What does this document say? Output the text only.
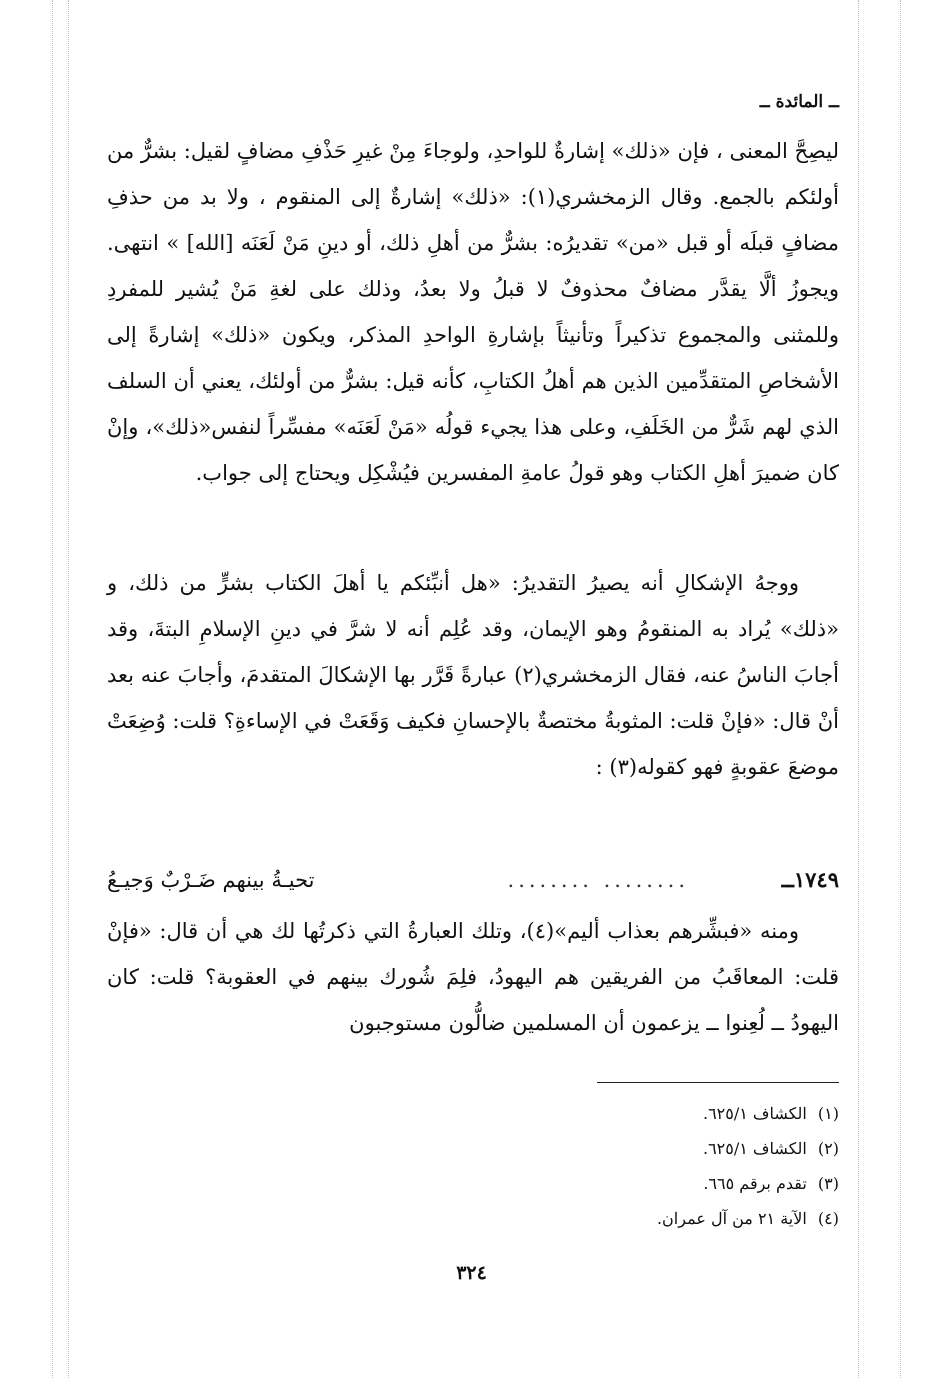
ــ المائدة ــ

ليصِحَّ المعنى ، فإن «ذلك» إشارةٌ للواحدِ، ولوجاءَ مِنْ غيرِ حَذْفِ مضافٍ لقيل: بشرٌّ من أولئكم بالجمع. وقال الزمخشري(١): «ذلك» إشارةٌ إلى المنقوم ، ولا بد من حذفِ مضافٍ قبلَه أو قبل «من» تقديرُه: بشرٌّ من أهلِ ذلك، أو دينِ مَنْ لَعَنَه [الله] » انتهى. ويجوزُ ألَّا يقدَّر مضافٌ محذوفٌ لا قبلُ ولا بعدُ، وذلك على لغةِ مَنْ يُشير للمفردِ وللمثنى والمجموع تذكيراً وتأنيثاً بإشارةِ الواحدِ المذكر، ويكون «ذلك» إشارةً إلى الأشخاصِ المتقدِّمين الذين هم أهلُ الكتابِ، كأنه قيل: بشرٌّ من أولئك، يعني أن السلف الذي لهم شَرٌّ من الخَلَفِ، وعلى هذا يجيء قولُه «مَنْ لَعَنَه» مفسِّراً لنفس«ذلك»، وإنْ كان ضميرَ أهلِ الكتاب وهو قولُ عامةِ المفسرين فيُشْكِل ويحتاج إلى جواب.

ووجهُ الإشكالِ أنه يصيرُ التقديرُ: «هل أنبِّئكم يا أهلَ الكتاب بشرٍّ من ذلك، و «ذلك» يُراد به المنقومُ وهو الإيمان، وقد عُلِم أنه لا شرَّ في دينِ الإسلامِ البتةَ، وقد أجابَ الناسُ عنه، فقال الزمخشري(٢) عبارةً قَرَّر بها الإشكالَ المتقدمَ، وأجابَ عنه بعد أنْ قال: «فإنْ قلت: المثوبةُ مختصةٌ بالإحسانِ فكيف وَقَعَتْ في الإساءةِ؟ قلت: وُضِعَتْ موضعَ عقوبةٍ فهو كقوله(٣) :

١٧٤٩ــ
........ ........
تحيـةُ بينهم ضَـرْبٌ وَجيـعُ

ومنه «فبشِّرهم بعذاب أليم»(٤)، وتلك العبارةُ التي ذكرتُها لك هي أن قال: «فإنْ قلت: المعاقَبُ من الفريقين هم اليهودُ، فلِمَ شُورك بينهم في العقوبة؟ قلت: كان اليهودُ ــ لُعِنوا ــ يزعمون أن المسلمين ضالُّون مستوجبون

(١) الكشاف ٦٢٥/١.
(٢) الكشاف ٦٢٥/١.
(٣) تقدم برقم ٦٦٥.
(٤) الآية ٢١ من آل عمران.
٣٢٤
